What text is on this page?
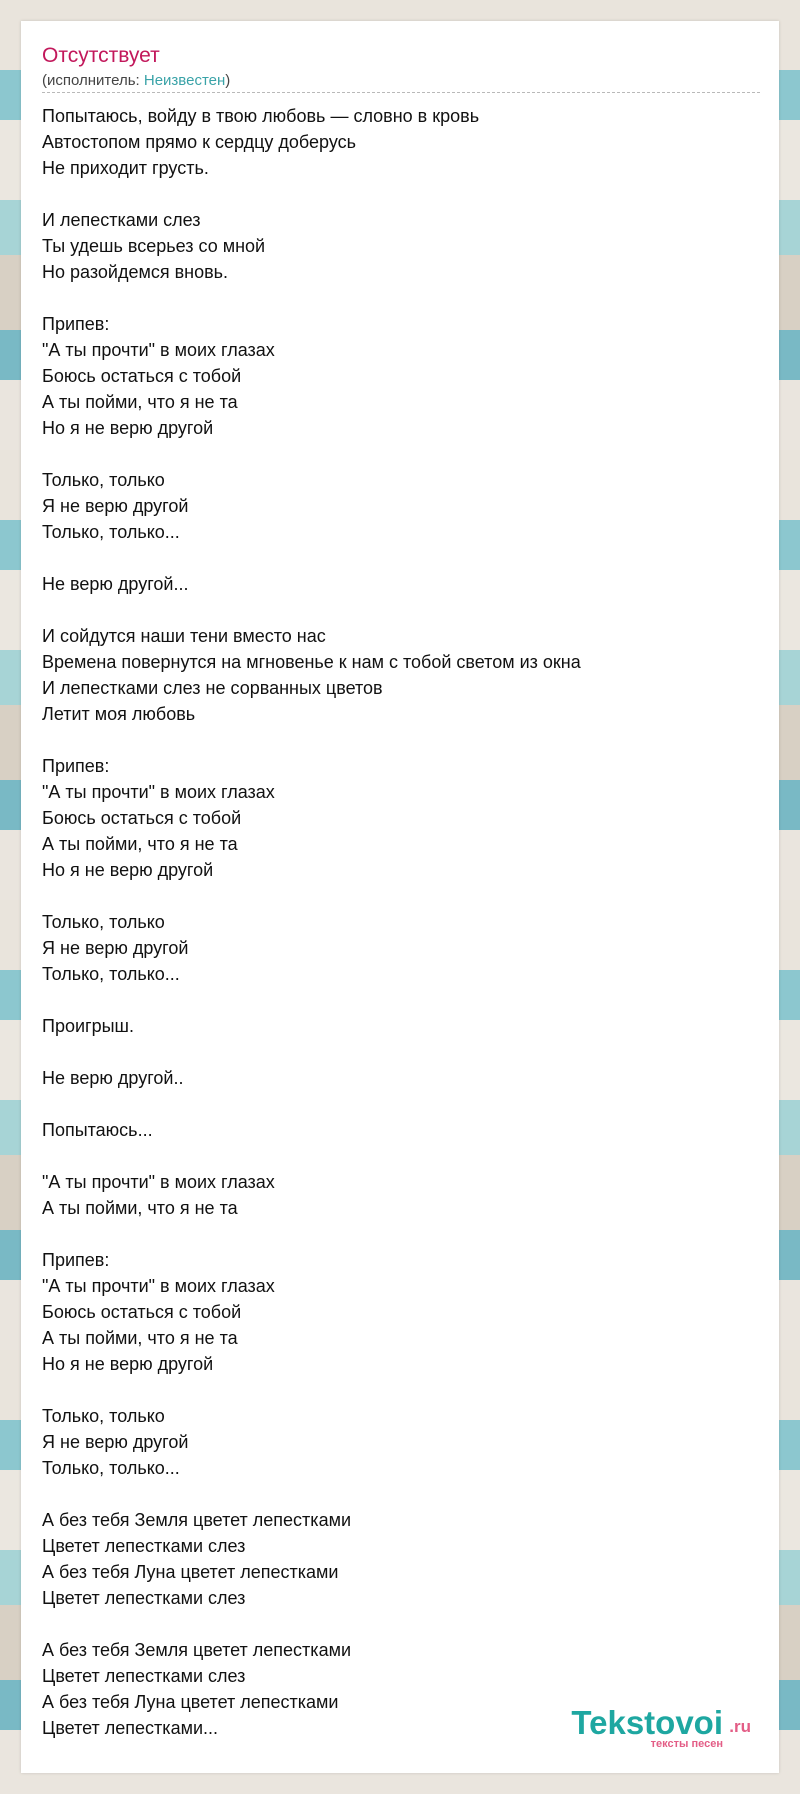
Отсутствует
(исполнитель: Неизвестен)
Попытаюсь, войду в твою любовь — словно в кровь
Автостопом прямо к сердцу доберусь
Не приходит грусть.

И лепестками слез
Ты удешь всерьез со мной
Но разойдемся вновь.

Припев:
"А ты прочти" в моих глазах
Боюсь остаться с тобой
А ты пойми, что я не та
Но я не верю другой

Только, только
Я не верю другой
Только, только...

Не верю другой...

И сойдутся наши тени вместо нас
Времена повернутся на мгновенье к нам с тобой светом из окна
И лепестками слез не сорванных цветов
Летит моя любовь

Припев:
"А ты прочти" в моих глазах
Боюсь остаться с тобой
А ты пойми, что я не та
Но я не верю другой

Только, только
Я не верю другой
Только, только...

Проигрыш.

Не верю другой..

Попытаюсь...

"А ты прочти" в моих глазах
А ты пойми, что я не та

Припев:
"А ты прочти" в моих глазах
Боюсь остаться с тобой
А ты пойми, что я не та
Но я не верю другой

Только, только
Я не верю другой
Только, только...

А без тебя Земля цветет лепестками
Цветет лепестками слез
А без тебя Луна цветет лепестками
Цветет лепестками слез

А без тебя Земля цветет лепестками
Цветет лепестками слез
А без тебя Луна цветет лепестками
Цветет лепестками...	Tekstovoi .ru
тексты песен
